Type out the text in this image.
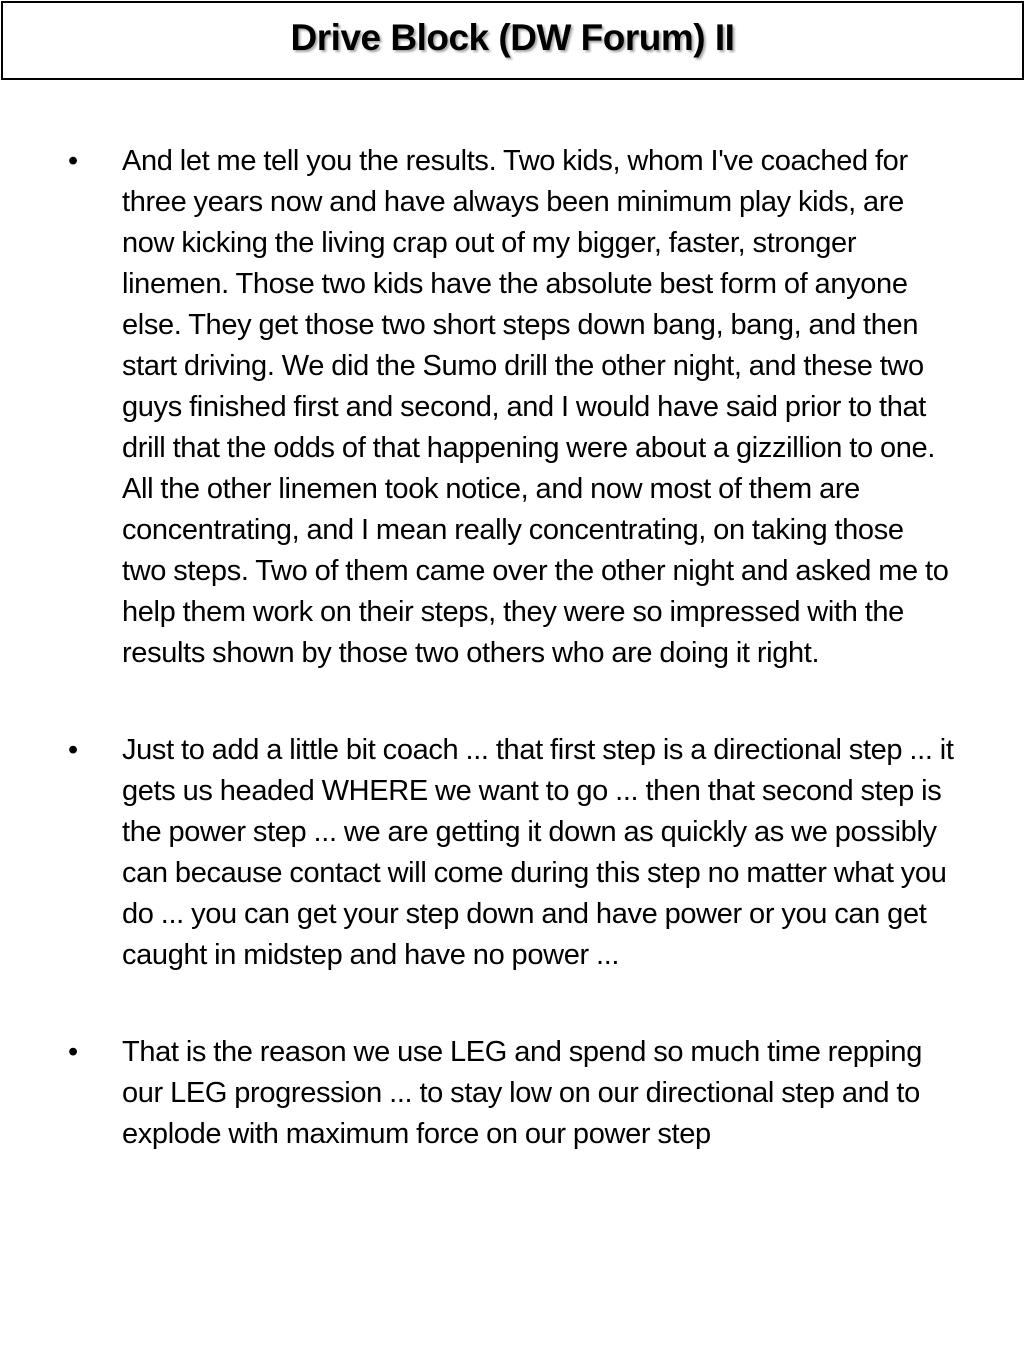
Drive Block (DW Forum) II
• And let me tell you the results. Two kids, whom I've coached for three years now and have always been minimum play kids, are now kicking the living crap out of my bigger, faster, stronger linemen. Those two kids have the absolute best form of anyone else. They get those two short steps down bang, bang, and then start driving. We did the Sumo drill the other night, and these two guys finished first and second, and I would have said prior to that drill that the odds of that happening were about a gizzillion to one. All the other linemen took notice, and now most of them are concentrating, and I mean really concentrating, on taking those two steps. Two of them came over the other night and asked me to help them work on their steps, they were so impressed with the results shown by those two others who are doing it right.
• Just to add a little bit coach ... that first step is a directional step ... it gets us headed WHERE we want to go ... then that second step is the power step ... we are getting it down as quickly as we possibly can because contact will come during this step no matter what you do ... you can get your step down and have power or you can get caught in midstep and have no power ...
• That is the reason we use LEG and spend so much time repping our LEG progression ... to stay low on our directional step and to explode with maximum force on our power step
